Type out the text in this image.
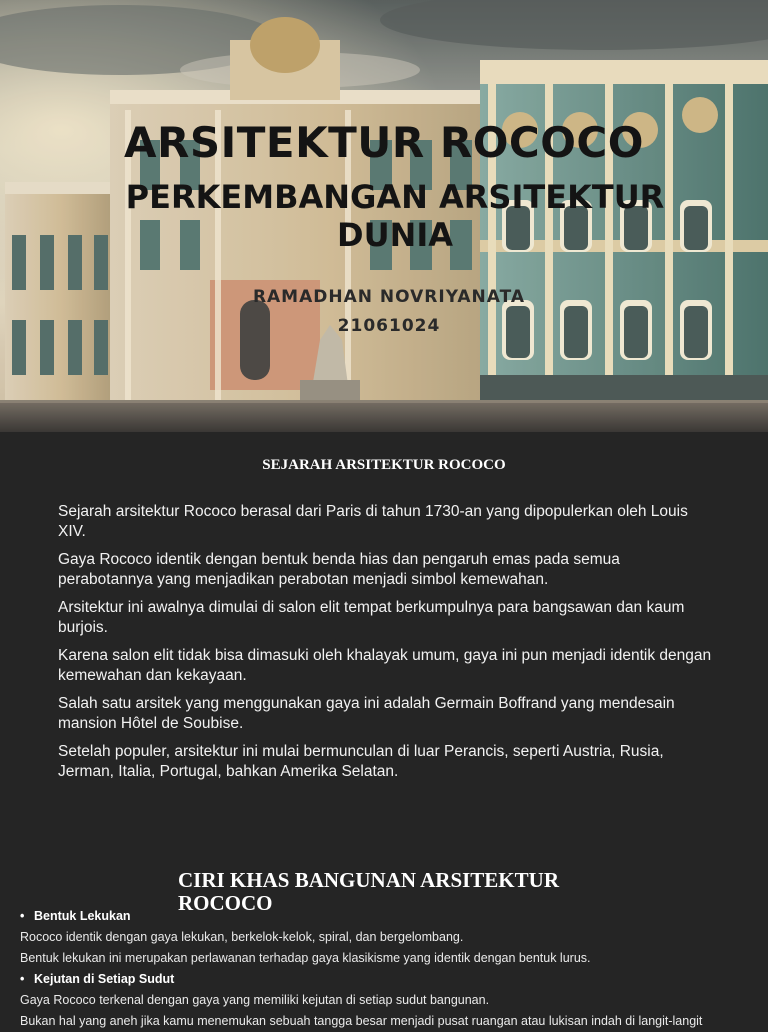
ARSITEKTUR ROCOCO
PERKEMBANGAN ARSITEKTUR DUNIA
RAMADHAN NOVRIYANATA
21061024
SEJARAH ARSITEKTUR ROCOCO
Sejarah arsitektur Rococo berasal dari Paris di tahun 1730-an yang dipopulerkan oleh Louis XIV.
Gaya Rococo identik dengan bentuk benda hias dan pengaruh emas pada semua perabotannya yang menjadikan perabotan menjadi simbol kemewahan.
Arsitektur ini awalnya dimulai di salon elit tempat berkumpulnya para bangsawan dan kaum burjois.
Karena salon elit tidak bisa dimasuki oleh khalayak umum, gaya ini pun menjadi identik dengan kemewahan dan kekayaan.
Salah satu arsitek yang menggunakan gaya ini adalah Germain Boffrand yang mendesain mansion Hôtel de Soubise.
Setelah populer, arsitektur ini mulai bermunculan di luar Perancis, seperti Austria, Rusia, Jerman, Italia, Portugal, bahkan Amerika Selatan.
CIRI KHAS BANGUNAN ARSITEKTUR ROCOCO
• Bentuk Lekukan
Rococo identik dengan gaya lekukan, berkelok-kelok, spiral, dan bergelombang.
Bentuk lekukan ini merupakan perlawanan terhadap gaya klasikisme yang identik dengan bentuk lurus.
• Kejutan di Setiap Sudut
Gaya Rococo terkenal dengan gaya yang memiliki kejutan di setiap sudut bangunan.
Bukan hal yang aneh jika kamu menemukan sebuah tangga besar menjadi pusat ruangan atau lukisan indah di langit-langit
